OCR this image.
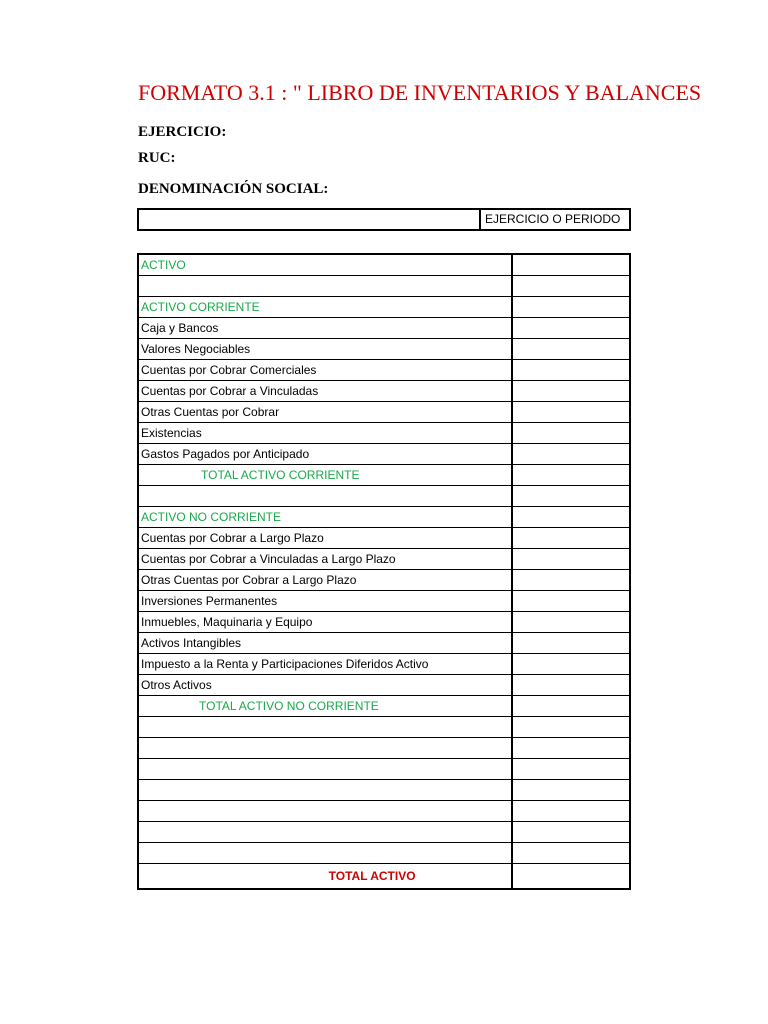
FORMATO 3.1 : " LIBRO DE INVENTARIOS Y BALANCES
EJERCICIO:
RUC:
DENOMINACIÓN SOCIAL:
EJERCICIO O PERIODO
ACTIVO	

ACTIVO CORRIENTE	
Caja y Bancos	
Valores Negociables	
Cuentas por Cobrar Comerciales	
Cuentas por Cobrar a Vinculadas	
Otras Cuentas por Cobrar	
Existencias	
Gastos Pagados por Anticipado	
TOTAL ACTIVO CORRIENTE	

ACTIVO NO CORRIENTE	
Cuentas por Cobrar a Largo Plazo	
Cuentas por Cobrar a Vinculadas a Largo Plazo	
Otras Cuentas por Cobrar a Largo Plazo	
Inversiones Permanentes	
Inmuebles, Maquinaria y Equipo	
Activos Intangibles	
Impuesto a la Renta y Participaciones Diferidos Activo	
Otros Activos	
TOTAL ACTIVO NO CORRIENTE	

TOTAL ACTIVO	
